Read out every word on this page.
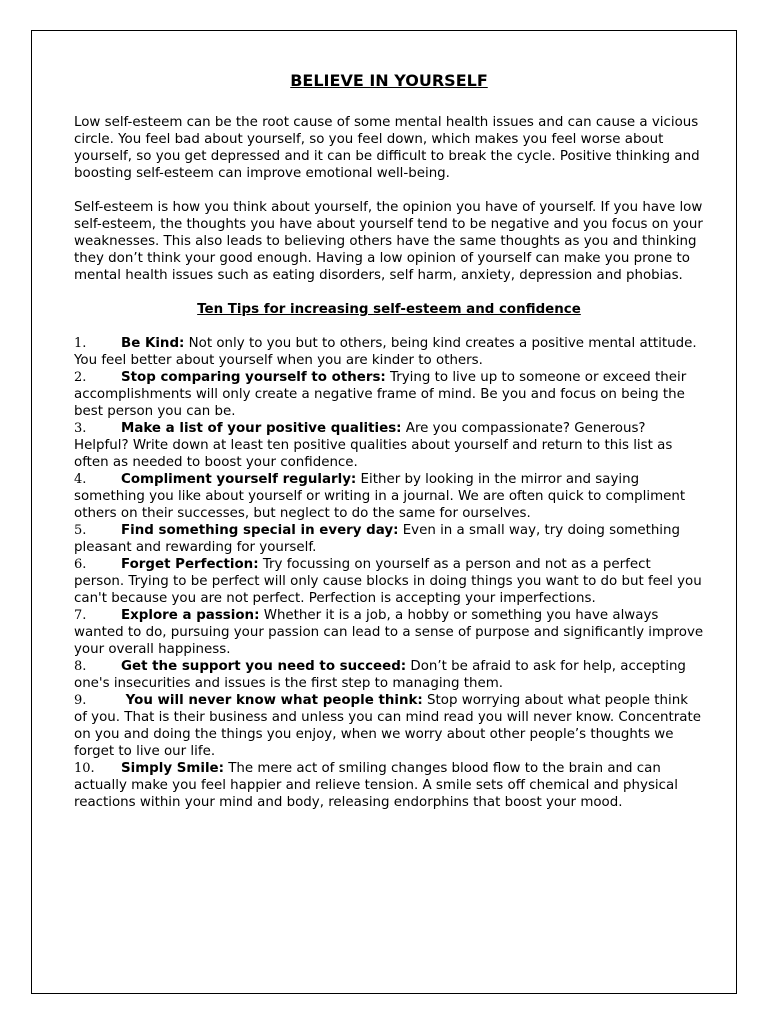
BELIEVE IN YOURSELF

Low self-esteem can be the root cause of some mental health issues and can cause a vicious circle. You feel bad about yourself, so you feel down, which makes you feel worse about yourself, so you get depressed and it can be difficult to break the cycle. Positive thinking and boosting self-esteem can improve emotional well-being.

Self-esteem is how you think about yourself, the opinion you have of yourself. If you have low self-esteem, the thoughts you have about yourself tend to be negative and you focus on your weaknesses. This also leads to believing others have the same thoughts as you and thinking they don’t think your good enough. Having a low opinion of yourself can make you prone to mental health issues such as eating disorders, self harm, anxiety, depression and phobias.

Ten Tips for increasing self-esteem and confidence
1.	Be Kind: Not only to you but to others, being kind creates a positive mental attitude. You feel better about yourself when you are kinder to others.
2.	Stop comparing yourself to others: Trying to live up to someone or exceed their accomplishments will only create a negative frame of mind. Be you and focus on being the best person you can be.
3.	Make a list of your positive qualities: Are you compassionate? Generous? Helpful? Write down at least ten positive qualities about yourself and return to this list as often as needed to boost your confidence.
4.	Compliment yourself regularly: Either by looking in the mirror and saying something you like about yourself or writing in a journal. We are often quick to compliment others on their successes, but neglect to do the same for ourselves.
5.	Find something special in every day: Even in a small way, try doing something pleasant and rewarding for yourself.
6.	Forget Perfection: Try focussing on yourself as a person and not as a perfect person. Trying to be perfect will only cause blocks in doing things you want to do but feel you can't because you are not perfect. Perfection is accepting your imperfections.
7.	Explore a passion: Whether it is a job, a hobby or something you have always wanted to do, pursuing your passion can lead to a sense of purpose and significantly improve your overall happiness.
8.	Get the support you need to succeed: Don’t be afraid to ask for help, accepting one's insecurities and issues is the first step to managing them.
9.	You will never know what people think: Stop worrying about what people think of you. That is their business and unless you can mind read you will never know. Concentrate on you and doing the things you enjoy, when we worry about other people’s thoughts we forget to live our life.
10. Simply Smile: The mere act of smiling changes blood flow to the brain and can actually make you feel happier and relieve tension. A smile sets off chemical and physical reactions within your mind and body, releasing endorphins that boost your mood.
